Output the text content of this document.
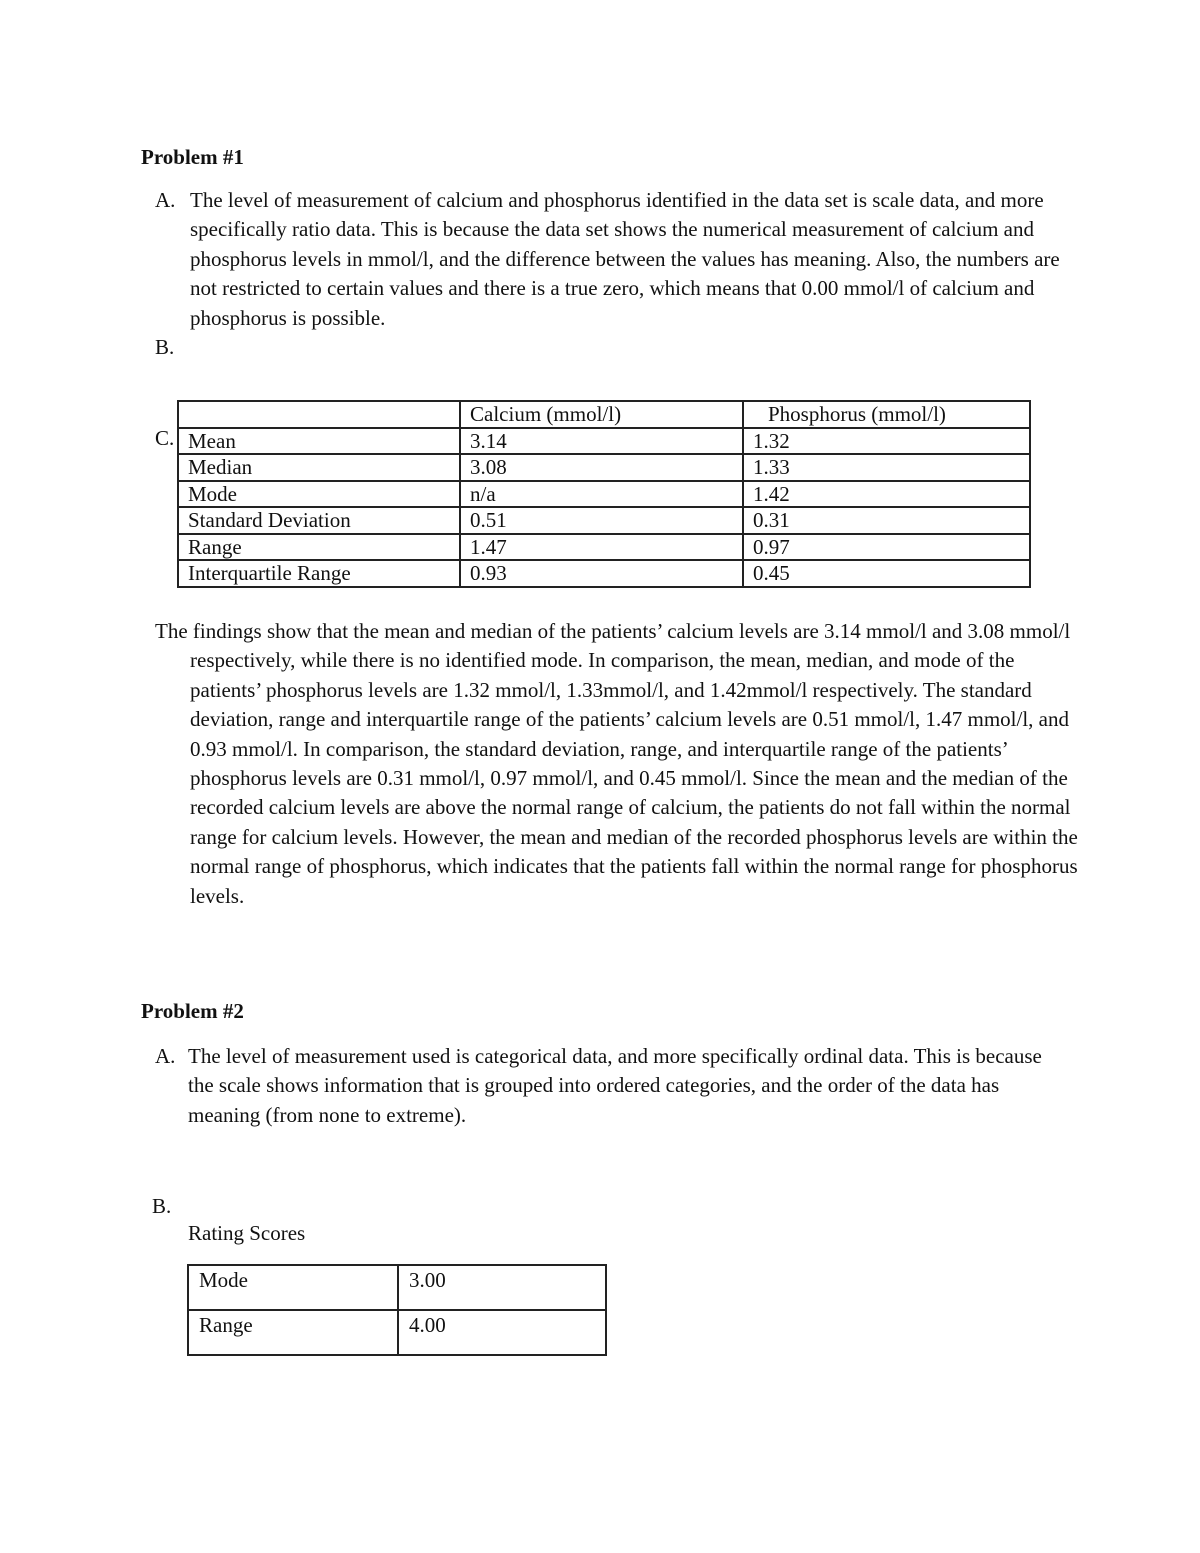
Problem #1
A. The level of measurement of calcium and phosphorus identified in the data set is scale data, and more specifically ratio data. This is because the data set shows the numerical measurement of calcium and phosphorus levels in mmol/l, and the difference between the values has meaning. Also, the numbers are not restricted to certain values and there is a true zero, which means that 0.00 mmol/l of calcium and phosphorus is possible.
B.
C.
	Calcium (mmol/l)	Phosphorus (mmol/l)
Mean	3.14	1.32
Median	3.08	1.33
Mode	n/a	1.42
Standard Deviation	0.51	0.31
Range	1.47	0.97
Interquartile Range	0.93	0.45
The findings show that the mean and median of the patients’ calcium levels are 3.14 mmol/l and 3.08 mmol/l respectively, while there is no identified mode. In comparison, the mean, median, and mode of the patients’ phosphorus levels are 1.32 mmol/l, 1.33mmol/l, and 1.42mmol/l respectively. The standard deviation, range and interquartile range of the patients’ calcium levels are 0.51 mmol/l, 1.47 mmol/l, and 0.93 mmol/l. In comparison, the standard deviation, range, and interquartile range of the patients’ phosphorus levels are 0.31 mmol/l, 0.97 mmol/l, and 0.45 mmol/l. Since the mean and the median of the recorded calcium levels are above the normal range of calcium, the patients do not fall within the normal range for calcium levels. However, the mean and median of the recorded phosphorus levels are within the normal range of phosphorus, which indicates that the patients fall within the normal range for phosphorus levels.
Problem #2
A. The level of measurement used is categorical data, and more specifically ordinal data. This is because the scale shows information that is grouped into ordered categories, and the order of the data has meaning (from none to extreme).
B.
Rating Scores
Mode	3.00
Range	4.00
